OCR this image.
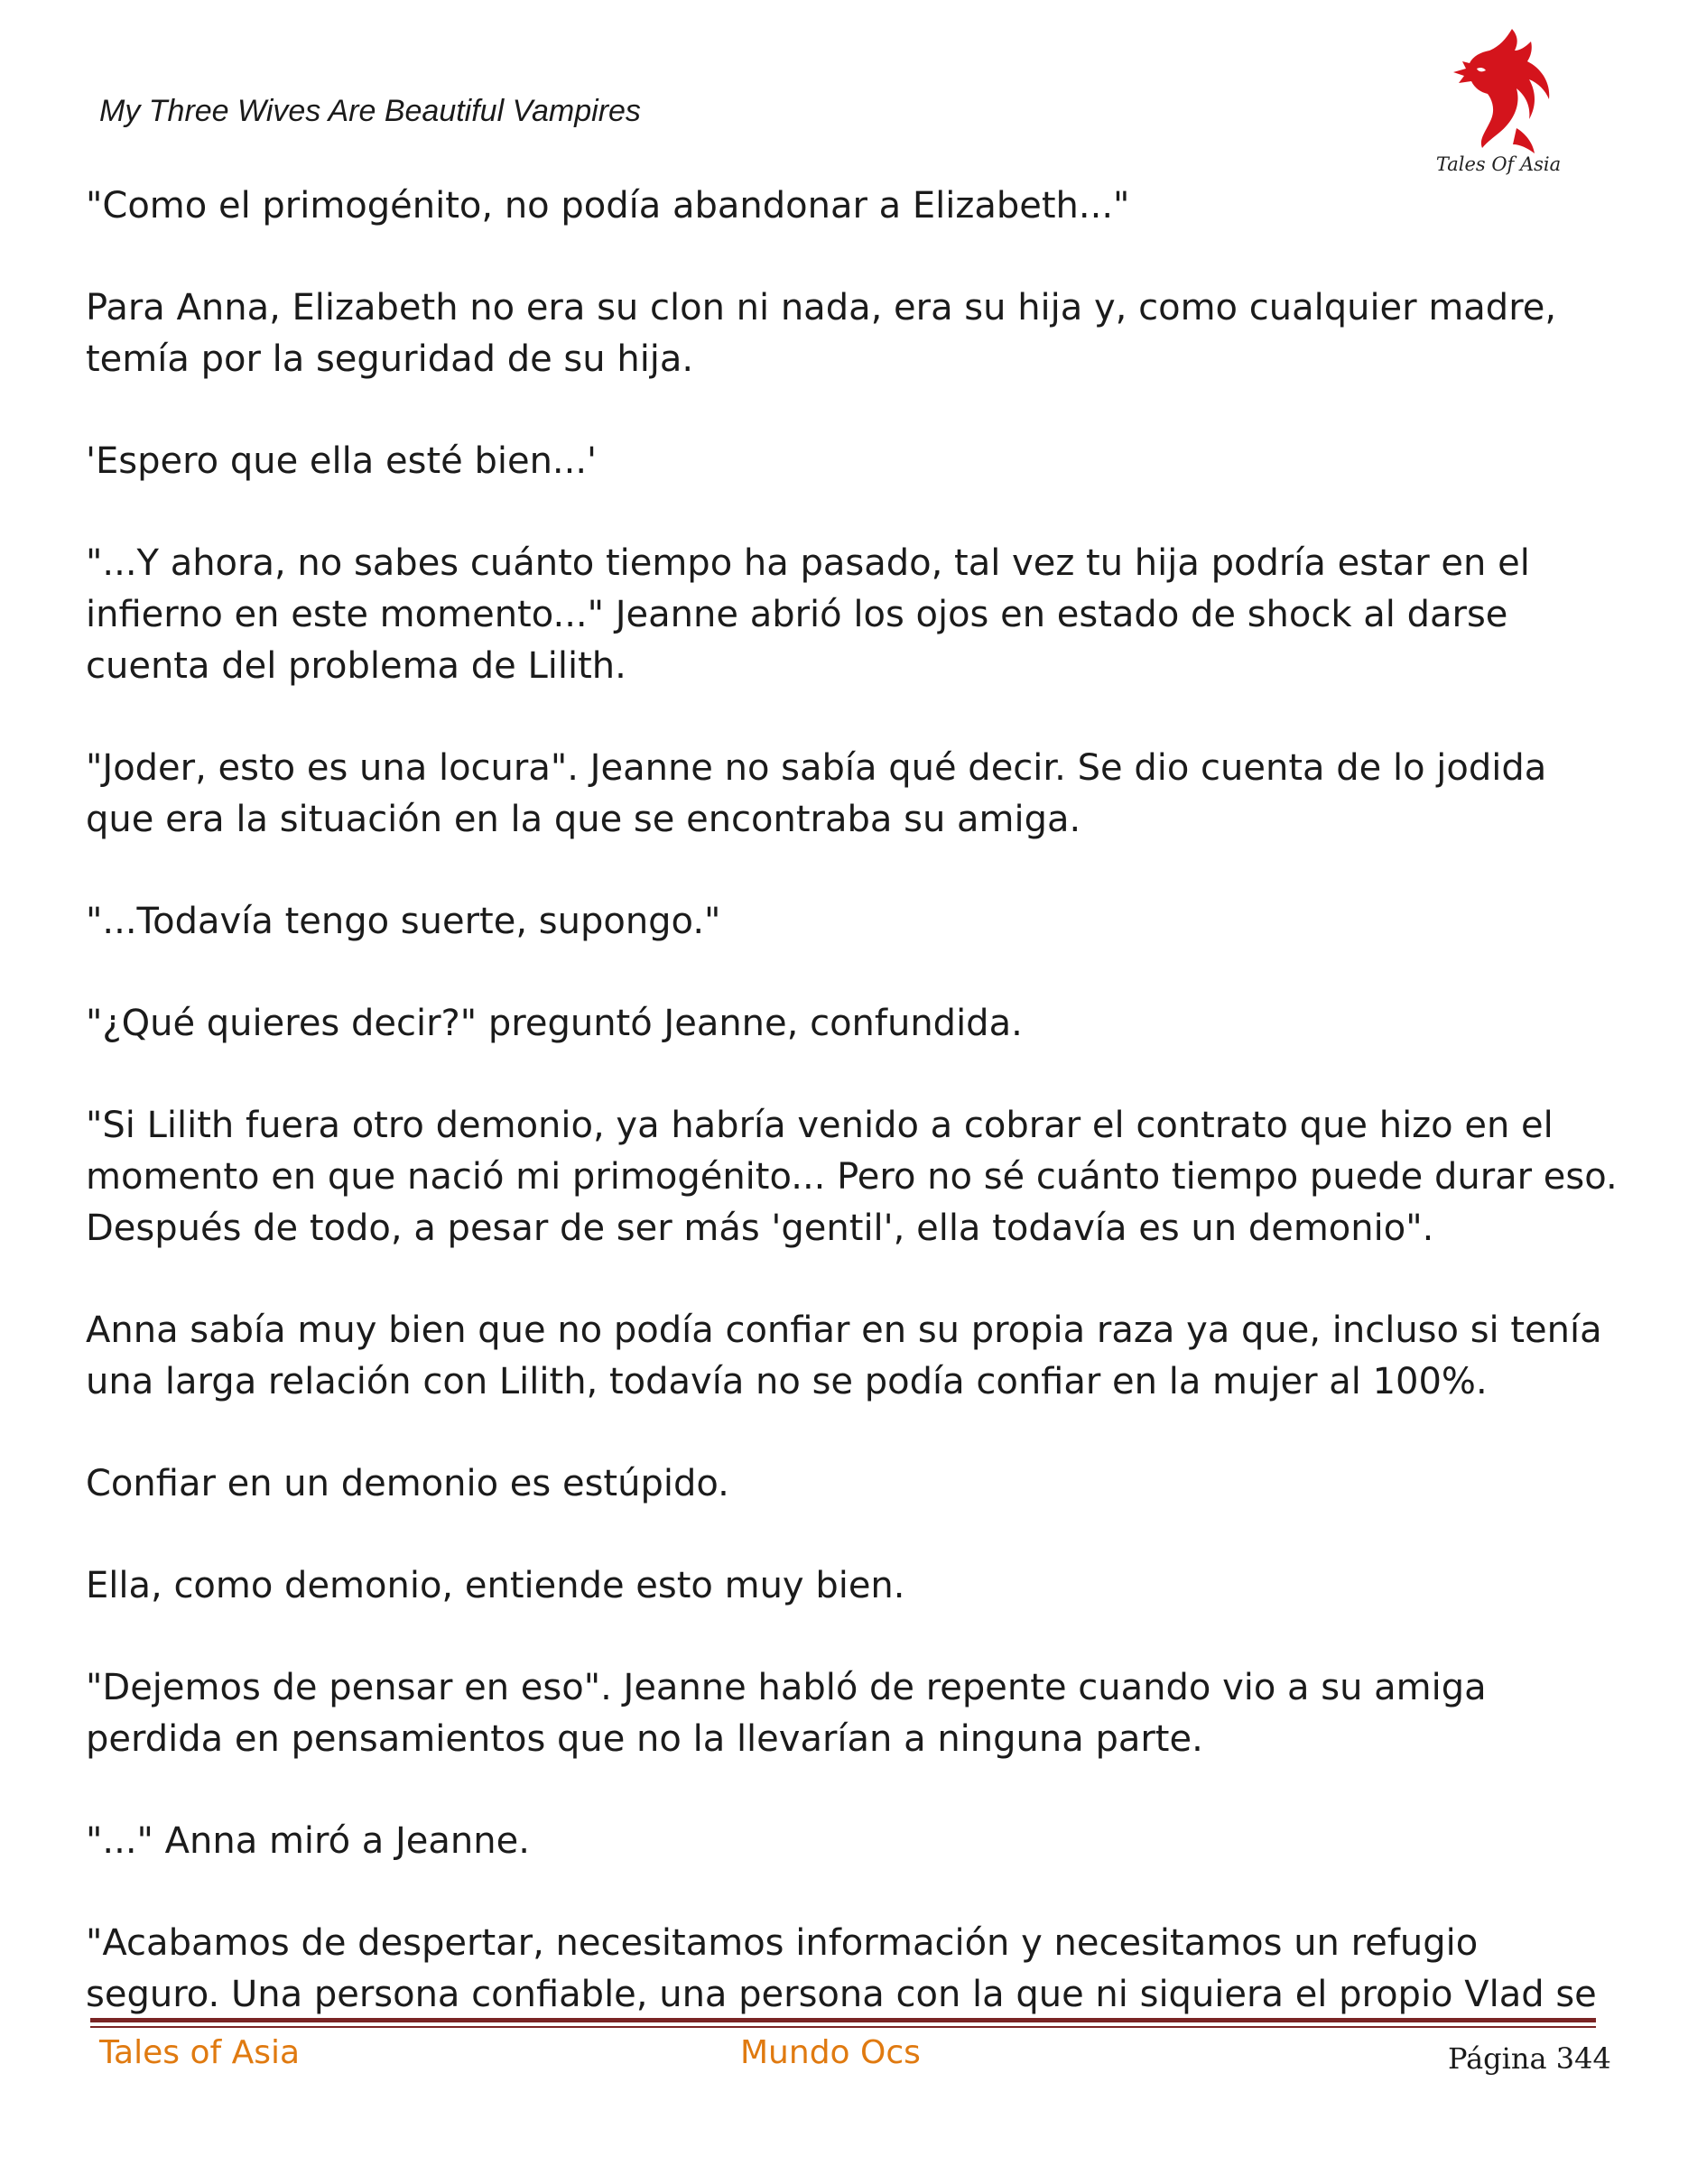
My Three Wives Are Beautiful Vampires
Tales Of Asia

"Como el primogénito, no podía abandonar a Elizabeth..."

Para Anna, Elizabeth no era su clon ni nada, era su hija y, como cualquier madre, temía por la seguridad de su hija.

'Espero que ella esté bien...'

"...Y ahora, no sabes cuánto tiempo ha pasado, tal vez tu hija podría estar en el infierno en este momento..." Jeanne abrió los ojos en estado de shock al darse cuenta del problema de Lilith.

"Joder, esto es una locura". Jeanne no sabía qué decir. Se dio cuenta de lo jodida que era la situación en la que se encontraba su amiga.

"...Todavía tengo suerte, supongo."

"¿Qué quieres decir?" preguntó Jeanne, confundida.

"Si Lilith fuera otro demonio, ya habría venido a cobrar el contrato que hizo en el momento en que nació mi primogénito... Pero no sé cuánto tiempo puede durar eso. Después de todo, a pesar de ser más 'gentil', ella todavía es un demonio".

Anna sabía muy bien que no podía confiar en su propia raza ya que, incluso si tenía una larga relación con Lilith, todavía no se podía confiar en la mujer al 100%.

Confiar en un demonio es estúpido.

Ella, como demonio, entiende esto muy bien.

"Dejemos de pensar en eso". Jeanne habló de repente cuando vio a su amiga perdida en pensamientos que no la llevarían a ninguna parte.

"..." Anna miró a Jeanne.

"Acabamos de despertar, necesitamos información y necesitamos un refugio seguro. Una persona confiable, una persona con la que ni siquiera el propio Vlad se

Tales of Asia	Mundo Ocs	Página 344
